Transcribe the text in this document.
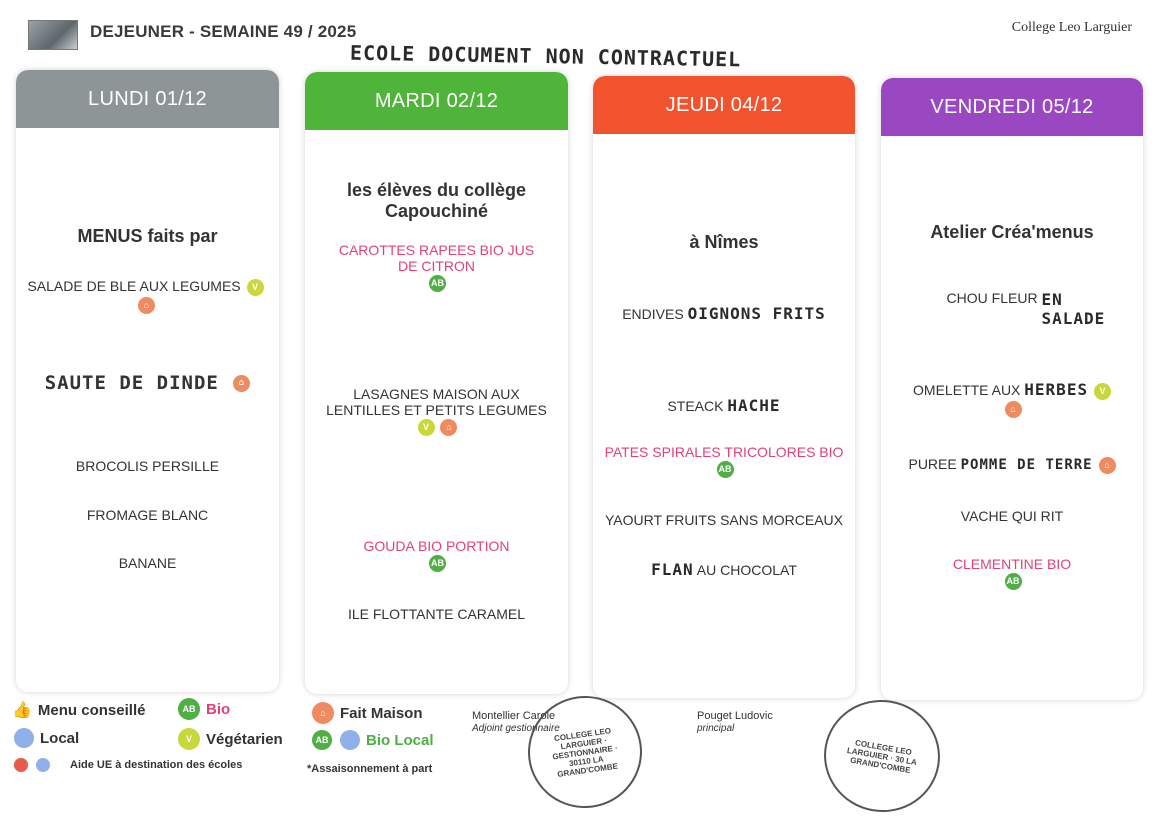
DEJEUNER - SEMAINE 49 / 2025	College Leo Larguier
ECOLE DOCUMENT NON CONTRACTUEL
LUNDI 01/12
MENUS faits par
SALADE DE BLE AUX LEGUMES V
⌂
SAUTE DE DINDE ⌂
BROCOLIS PERSILLE
FROMAGE BLANC
BANANE
MARDI 02/12
les élèves du collège Capouchiné
CAROTTES RAPEES BIO JUS DE CITRON
AB
LASAGNES MAISON AUX LENTILLES ET PETITS LEGUMES V ⌂
GOUDA BIO PORTION
AB
ILE FLOTTANTE CARAMEL
JEUDI 04/12
à Nîmes
ENDIVES OIGNONS FRITS
STEACK HACHE
PATES SPIRALES TRICOLORES BIO
AB
YAOURT FRUITS SANS MORCEAUX
FLAN AU CHOCOLAT
VENDREDI 05/12
Atelier Créa'menus
CHOU FLEUR EN SALADE
OMELETTE AUX HERBES V
⌂
PUREE POMME DE TERRE ⌂
VACHE QUI RIT
CLEMENTINE BIO
AB
👍 Menu conseillé	AB Bio	⌂ Fait Maison
Local	V Végétarien	AB	Bio Local
Aide UE à destination des écoles	*Assaisonnement à part
Montellier Carole
Adjoint gestionnaire
COLLEGE LEO LARGUIER · GESTIONNAIRE · 30110 LA GRAND'COMBE
Pouget Ludovic
principal
COLLEGE LEO LARGUIER · 30 LA GRAND'COMBE
